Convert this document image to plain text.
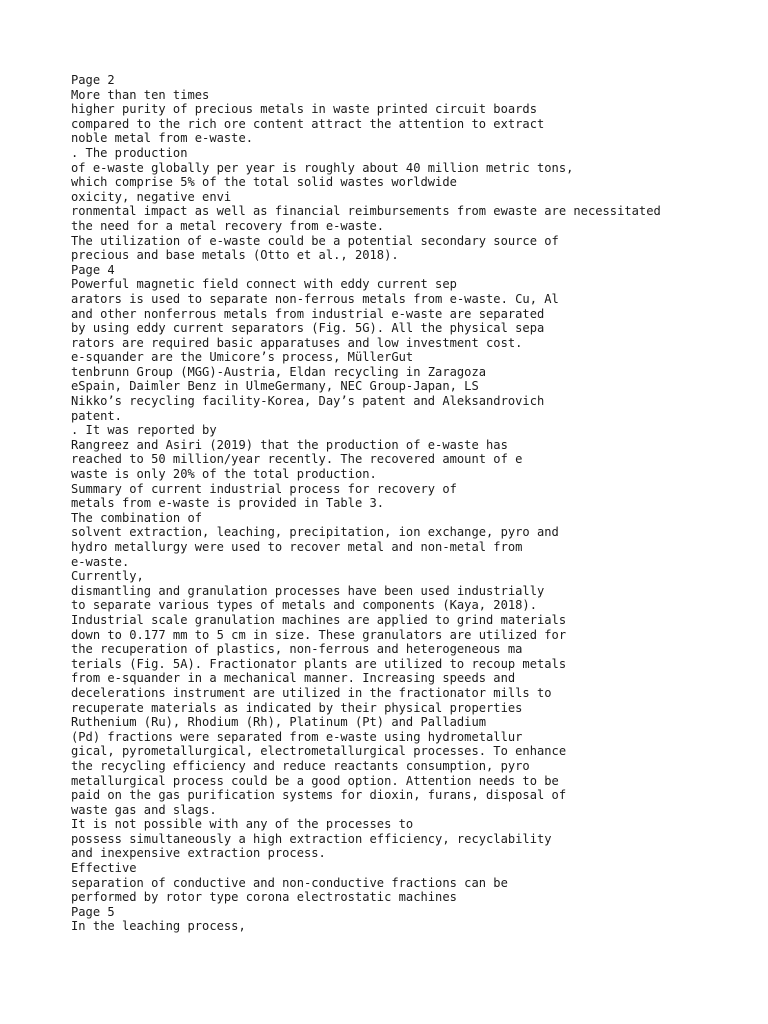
Page 2
More than ten times
higher purity of precious metals in waste printed circuit boards
compared to the rich ore content attract the attention to extract
noble metal from e-waste.
. The production
of e-waste globally per year is roughly about 40 million metric tons,
which comprise 5% of the total solid wastes worldwide
oxicity, negative envi
ronmental impact as well as financial reimbursements from ewaste are necessitated
the need for a metal recovery from e-waste.
The utilization of e-waste could be a potential secondary source of
precious and base metals (Otto et al., 2018).
Page 4
Powerful magnetic field connect with eddy current sep
arators is used to separate non-ferrous metals from e-waste. Cu, Al
and other nonferrous metals from industrial e-waste are separated
by using eddy current separators (Fig. 5G). All the physical sepa
rators are required basic apparatuses and low investment cost.
e-squander are the Umicore’s process, MüllerGut
tenbrunn Group (MGG)-Austria, Eldan recycling in Zaragoza
eSpain, Daimler Benz in UlmeGermany, NEC Group-Japan, LS
Nikko’s recycling facility-Korea, Day’s patent and Aleksandrovich
patent.
. It was reported by
Rangreez and Asiri (2019) that the production of e-waste has
reached to 50 million/year recently. The recovered amount of e
waste is only 20% of the total production.
Summary of current industrial process for recovery of
metals from e-waste is provided in Table 3.
The combination of
solvent extraction, leaching, precipitation, ion exchange, pyro and
hydro metallurgy were used to recover metal and non-metal from
e-waste.
Currently,
dismantling and granulation processes have been used industrially
to separate various types of metals and components (Kaya, 2018).
Industrial scale granulation machines are applied to grind materials
down to 0.177 mm to 5 cm in size. These granulators are utilized for
the recuperation of plastics, non-ferrous and heterogeneous ma
terials (Fig. 5A). Fractionator plants are utilized to recoup metals
from e-squander in a mechanical manner. Increasing speeds and
decelerations instrument are utilized in the fractionator mills to
recuperate materials as indicated by their physical properties
Ruthenium (Ru), Rhodium (Rh), Platinum (Pt) and Palladium
(Pd) fractions were separated from e-waste using hydrometallur
gical, pyrometallurgical, electrometallurgical processes. To enhance
the recycling efficiency and reduce reactants consumption, pyro
metallurgical process could be a good option. Attention needs to be
paid on the gas purification systems for dioxin, furans, disposal of
waste gas and slags.
It is not possible with any of the processes to
possess simultaneously a high extraction efficiency, recyclability
and inexpensive extraction process.
Effective
separation of conductive and non-conductive fractions can be
performed by rotor type corona electrostatic machines
Page 5
In the leaching process,
